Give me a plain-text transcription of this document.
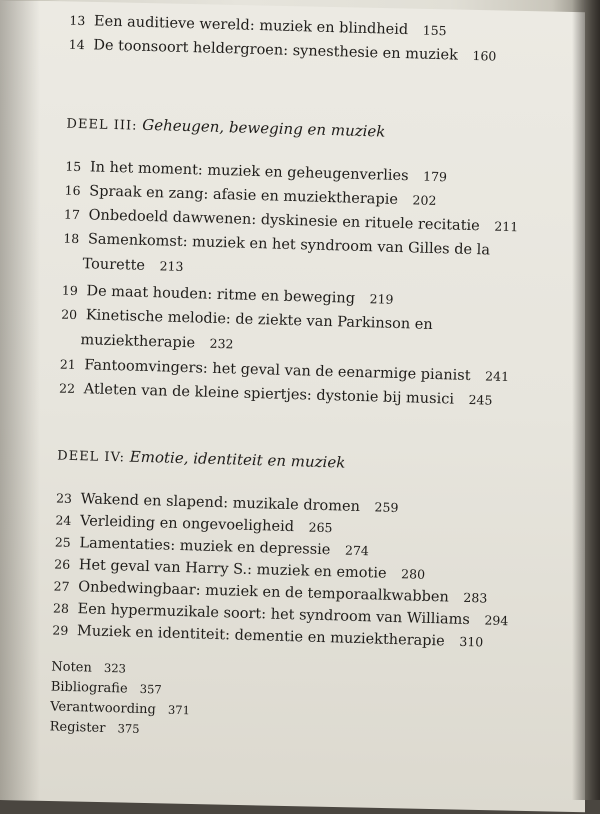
13 Een auditieve wereld: muziek en blindheid 155
14 De toonsoort heldergroen: synesthesie en muziek 160
DEEL III: Geheugen, beweging en muziek
15 In het moment: muziek en geheugenverlies 179
16 Spraak en zang: afasie en muziektherapie 202
17 Onbedoeld dawwenen: dyskinesie en rituele recitatie 211
18 Samenkomst: muziek en het syndroom van Gilles de la
Tourette 213
19 De maat houden: ritme en beweging 219
20 Kinetische melodie: de ziekte van Parkinson en
muziektherapie 232
21 Fantoomvingers: het geval van de eenarmige pianist 241
22 Atleten van de kleine spiertjes: dystonie bij musici 245
DEEL IV: Emotie, identiteit en muziek
23 Wakend en slapend: muzikale dromen 259
24 Verleiding en ongevoeligheid 265
25 Lamentaties: muziek en depressie 274
26 Het geval van Harry S.: muziek en emotie 280
27 Onbedwingbaar: muziek en de temporaalkwabben 283
28 Een hypermuzikale soort: het syndroom van Williams 294
29 Muziek en identiteit: dementie en muziektherapie 310
Noten 323
Bibliografie 357
Verantwoording 371
Register 375
